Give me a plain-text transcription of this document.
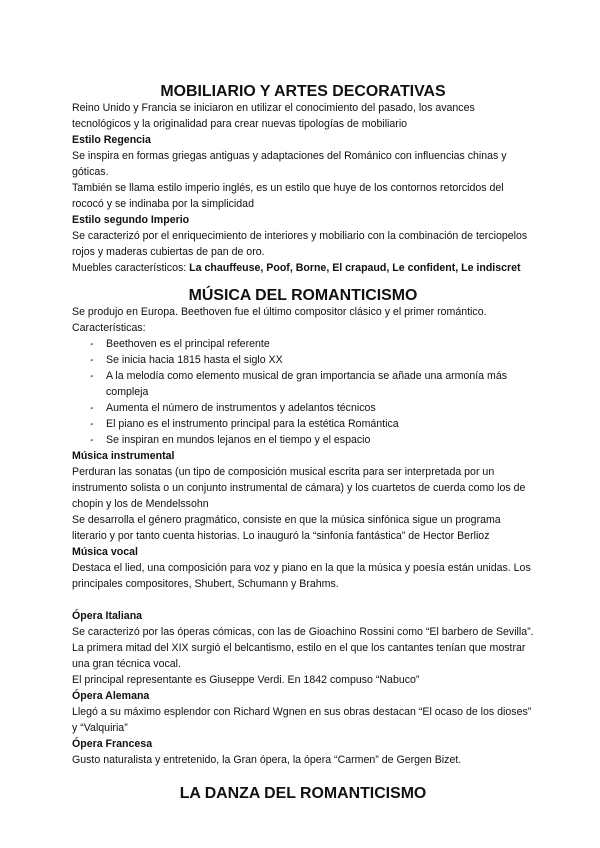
MOBILIARIO Y ARTES DECORATIVAS

Reino Unido y Francia se iniciaron en utilizar el conocimiento del pasado, los avances tecnológicos y la originalidad para crear nuevas tipologías de mobiliario

Estilo Regencia

Se inspira en formas griegas antiguas y adaptaciones del Románico con influencias chinas y góticas.

También se llama estilo imperio inglés, es un estilo que huye de los contornos retorcidos del rococó y se indinaba por la simplicidad

Estilo segundo Imperio

Se caracterizó por el enriquecimiento de interiores y mobiliario con la combinación de terciopelos rojos y maderas cubiertas de pan de oro.

Muebles característicos: La chauffeuse, Poof, Borne, El crapaud, Le confident, Le indiscret

MÚSICA DEL ROMANTICISMO

Se produjo en Europa. Beethoven fue el último compositor clásico y el primer romántico.

Características:

- Beethoven es el principal referente
- Se inicia hacia 1815 hasta el siglo XX
- A la melodía como elemento musical de gran importancia se añade una armonía más compleja
- Aumenta el número de instrumentos y adelantos técnicos
- El piano es el instrumento principal para la estética Romántica
- Se inspiran en mundos lejanos en el tiempo y el espacio

Música instrumental

Perduran las sonatas (un tipo de composición musical escrita para ser interpretada por un instrumento solista o un conjunto instrumental de cámara) y los cuartetos de cuerda como los de chopin y los de Mendelssohn

Se desarrolla el género pragmático, consiste en que la música sinfónica sigue un programa literario y por tanto cuenta historias. Lo inauguró la “sinfonía fantástica” de Hector Berlioz

Música vocal

Destaca el lied, una composición para voz y piano en la que la música y poesía están unidas. Los principales compositores, Shubert, Schumann y Brahms.

Ópera Italiana

Se caracterizó por las óperas cómicas, con las de Gioachino Rossini como “El barbero de Sevilla”.

La primera mitad del XIX surgió el belcantismo, estilo en el que los cantantes tenían que mostrar una gran técnica vocal.

El principal representante es Giuseppe Verdi. En 1842 compuso “Nabuco”

Ópera Alemana

Llegó a su máximo esplendor con Richard Wgnen en sus obras destacan “El ocaso de los dioses” y “Valquiria”

Ópera Francesa

Gusto naturalista y entretenido, la Gran ópera, la ópera “Carmen” de Gergen Bizet.

LA DANZA DEL ROMANTICISMO
